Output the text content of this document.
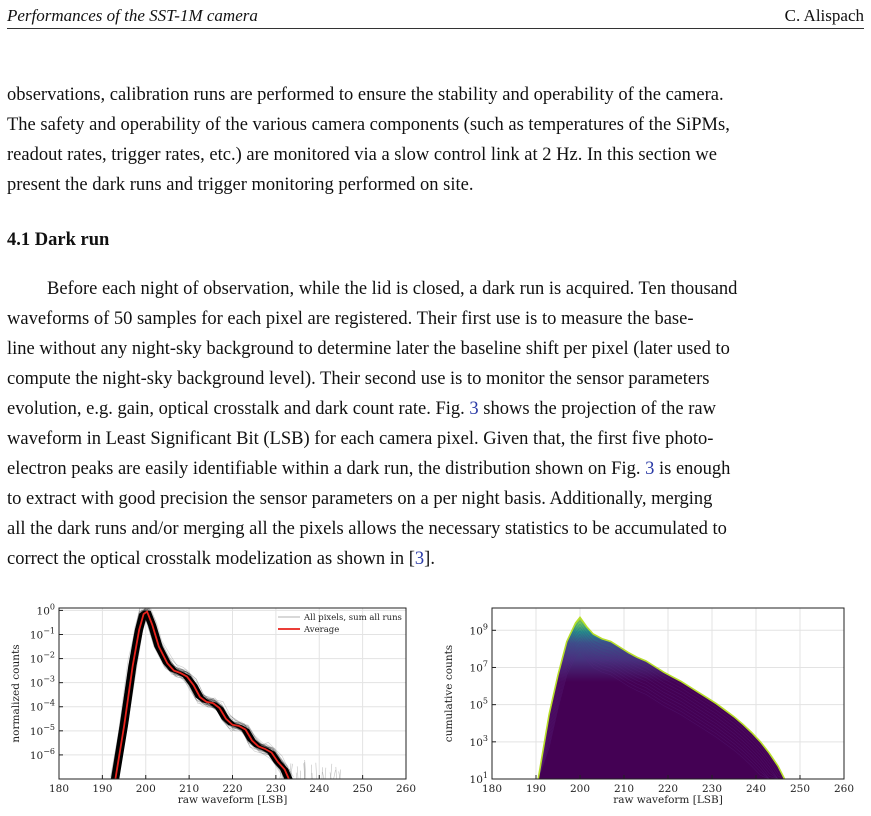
Performances of the SST-1M camera	C. Alispach
observations, calibration runs are performed to ensure the stability and operability of the camera.
The safety and operability of the various camera components (such as temperatures of the SiPMs,
readout rates, trigger rates, etc.) are monitored via a slow control link at 2 Hz. In this section we
present the dark runs and trigger monitoring performed on site.
4.1 Dark run
Before each night of observation, while the lid is closed, a dark run is acquired. Ten thousand
waveforms of 50 samples for each pixel are registered. Their first use is to measure the base-
line without any night-sky background to determine later the baseline shift per pixel (later used to
compute the night-sky background level). Their second use is to monitor the sensor parameters
evolution, e.g. gain, optical crosstalk and dark count rate. Fig. 3 shows the projection of the raw
waveform in Least Significant Bit (LSB) for each camera pixel. Given that, the first five photo-
electron peaks are easily identifiable within a dark run, the distribution shown on Fig. 3 is enough
to extract with good precision the sensor parameters on a per night basis. Additionally, merging
all the dark runs and/or merging all the pixels allows the necessary statistics to be accumulated to
correct the optical crosstalk modelization as shown in [3].
180 190 200 210 220 230 240 250 260
$10^0$
$10^{-1}$
$10^{-2}$
$10^{-3}$
$10^{-4}$
$10^{-5}$
$10^{-6}$
raw waveform [LSB]
normalized counts
All pixels, sum all runs
Average
180 190 200 210 220 230 240 250 260
$10^9$
$10^7$
$10^5$
$10^3$
$10^1$
raw waveform [LSB]
cumulative counts
